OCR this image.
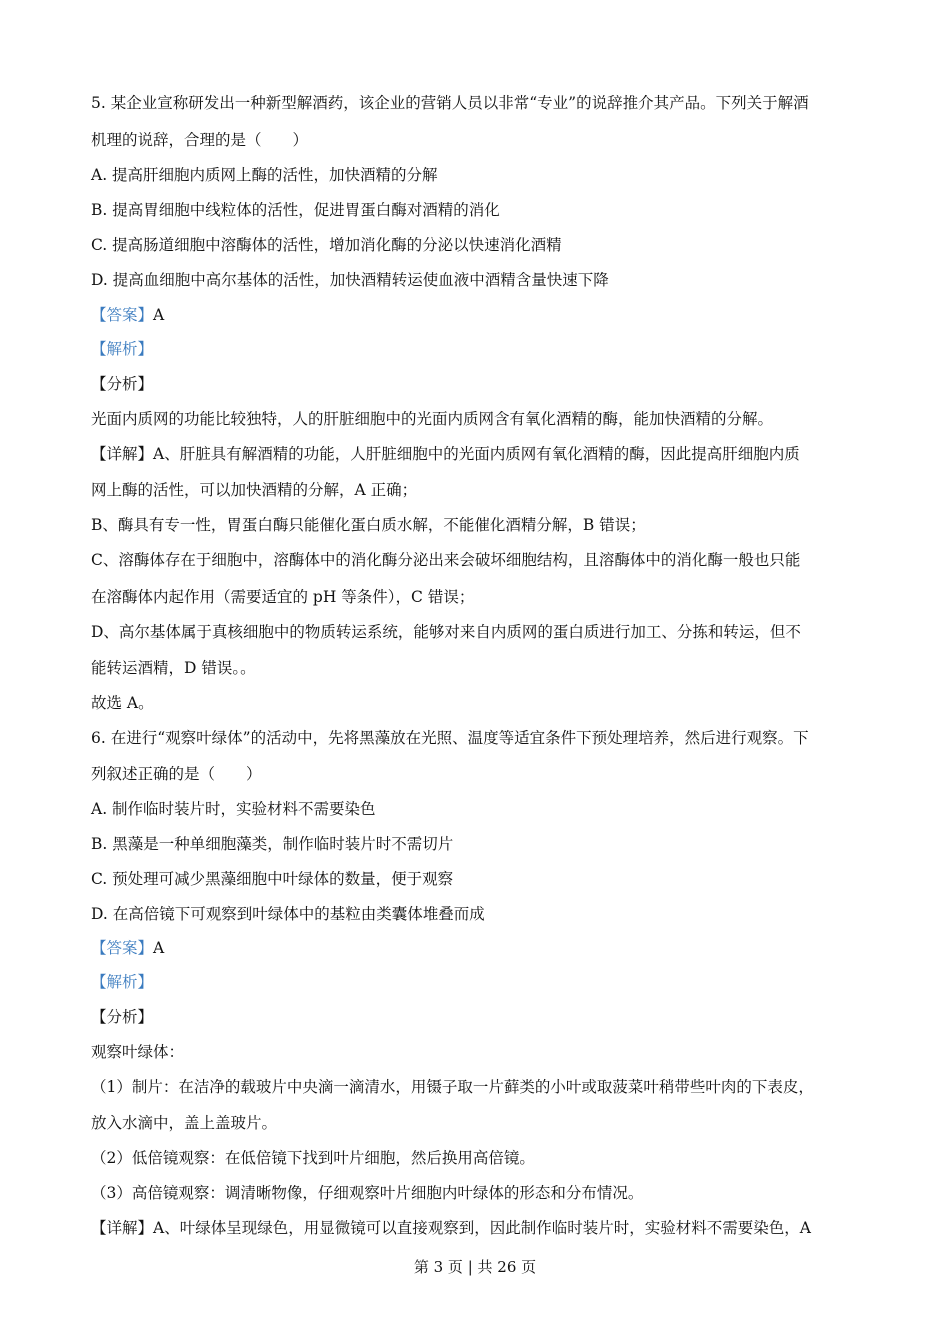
5. 某企业宣称研发出一种新型解酒药，该企业的营销人员以非常“专业”的说辞推介其产品。下列关于解酒
机理的说辞，合理的是（　　）
A. 提高肝细胞内质网上酶的活性，加快酒精的分解
B. 提高胃细胞中线粒体的活性，促进胃蛋白酶对酒精的消化
C. 提高肠道细胞中溶酶体的活性，增加消化酶的分泌以快速消化酒精
D. 提高血细胞中高尔基体的活性，加快酒精转运使血液中酒精含量快速下降
【答案】A
【解析】
【分析】
光面内质网的功能比较独特，人的肝脏细胞中的光面内质网含有氧化酒精的酶，能加快酒精的分解。
【详解】A、肝脏具有解酒精的功能，人肝脏细胞中的光面内质网有氧化酒精的酶，因此提高肝细胞内质
网上酶的活性，可以加快酒精的分解，A 正确；
B、酶具有专一性，胃蛋白酶只能催化蛋白质水解，不能催化酒精分解，B 错误；
C、溶酶体存在于细胞中，溶酶体中的消化酶分泌出来会破坏细胞结构，且溶酶体中的消化酶一般也只能
在溶酶体内起作用（需要适宜的 pH 等条件），C 错误；
D、高尔基体属于真核细胞中的物质转运系统，能够对来自内质网的蛋白质进行加工、分拣和转运，但不
能转运酒精，D 错误。。
故选 A。
6. 在进行“观察叶绿体”的活动中，先将黑藻放在光照、温度等适宜条件下预处理培养，然后进行观察。下
列叙述正确的是（　　）
A. 制作临时装片时，实验材料不需要染色
B. 黑藻是一种单细胞藻类，制作临时装片时不需切片
C. 预处理可减少黑藻细胞中叶绿体的数量，便于观察
D. 在高倍镜下可观察到叶绿体中的基粒由类囊体堆叠而成
【答案】A
【解析】
【分析】
观察叶绿体：
（1）制片：在洁净的载玻片中央滴一滴清水，用镊子取一片藓类的小叶或取菠菜叶稍带些叶肉的下表皮，
放入水滴中，盖上盖玻片。
（2）低倍镜观察：在低倍镜下找到叶片细胞，然后换用高倍镜。
（3）高倍镜观察：调清晰物像，仔细观察叶片细胞内叶绿体的形态和分布情况。
【详解】A、叶绿体呈现绿色，用显微镜可以直接观察到，因此制作临时装片时，实验材料不需要染色，A
第 3 页 | 共 26 页
